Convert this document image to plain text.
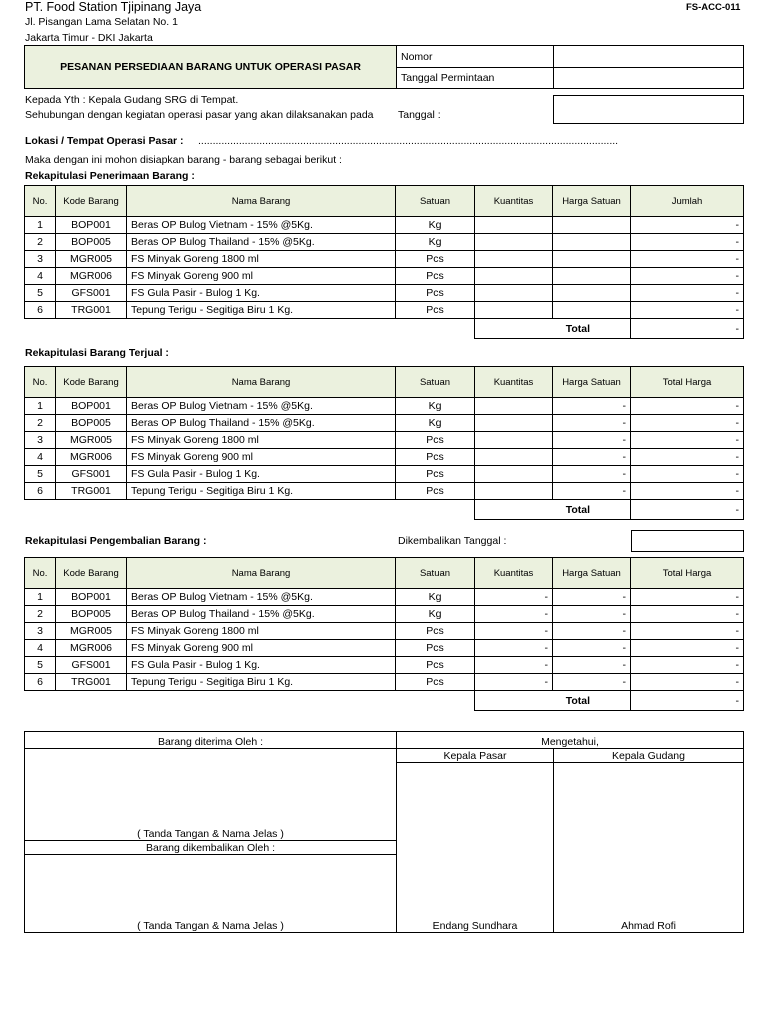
PT. Food Station Tjipinang Jaya	FS-ACC-011
Jl. Pisangan Lama Selatan No. 1
Jakarta Timur - DKI Jakarta
PESANAN PERSEDIAAN BARANG UNTUK OPERASI PASAR	Nomor	
	Tanggal Permintaan	
Kepada Yth : Kepala Gudang SRG di Tempat.
Sehubungan dengan kegiatan operasi pasar yang akan dilaksanakan pada Tanggal :
Lokasi / Tempat Operasi Pasar : ................................................................................................................................................
Maka dengan ini mohon disiapkan barang - barang sebagai berikut :
Rekapitulasi Penerimaan Barang :
No.	Kode Barang	Nama Barang	Satuan	Kuantitas	Harga Satuan	Jumlah
1	BOP001	Beras OP Bulog Vietnam - 15% @5Kg.	Kg			-
2	BOP005	Beras OP Bulog Thailand - 15% @5Kg.	Kg			-
3	MGR005	FS Minyak Goreng 1800 ml	Pcs			-
4	MGR006	FS Minyak Goreng 900 ml	Pcs			-
5	GFS001	FS Gula Pasir - Bulog 1 Kg.	Pcs			-
6	TRG001	Tepung Terigu - Segitiga Biru 1 Kg.	Pcs			-
				Total		-
Rekapitulasi Barang Terjual :
No.	Kode Barang	Nama Barang	Satuan	Kuantitas	Harga Satuan	Total Harga
1	BOP001	Beras OP Bulog Vietnam - 15% @5Kg.	Kg		-	-
2	BOP005	Beras OP Bulog Thailand - 15% @5Kg.	Kg		-	-
3	MGR005	FS Minyak Goreng 1800 ml	Pcs		-	-
4	MGR006	FS Minyak Goreng 900 ml	Pcs		-	-
5	GFS001	FS Gula Pasir - Bulog 1 Kg.	Pcs		-	-
6	TRG001	Tepung Terigu - Segitiga Biru 1 Kg.	Pcs		-	-
				Total		-
Rekapitulasi Pengembalian Barang :	Dikembalikan Tanggal :
No.	Kode Barang	Nama Barang	Satuan	Kuantitas	Harga Satuan	Total Harga
1	BOP001	Beras OP Bulog Vietnam - 15% @5Kg.	Kg	-	-	-
2	BOP005	Beras OP Bulog Thailand - 15% @5Kg.	Kg	-	-	-
3	MGR005	FS Minyak Goreng 1800 ml	Pcs	-	-	-
4	MGR006	FS Minyak Goreng 900 ml	Pcs	-	-	-
5	GFS001	FS Gula Pasir - Bulog 1 Kg.	Pcs	-	-	-
6	TRG001	Tepung Terigu - Segitiga Biru 1 Kg.	Pcs	-	-	-
				Total		-
Barang diterima Oleh :	Mengetahui,	
	Kepala Pasar	Kepala Gudang
	Endang Sundhara	Ahmad Rofi
( Tanda Tangan & Nama Jelas )		
Barang dikembalikan Oleh :		
( Tanda Tangan & Nama Jelas )		
